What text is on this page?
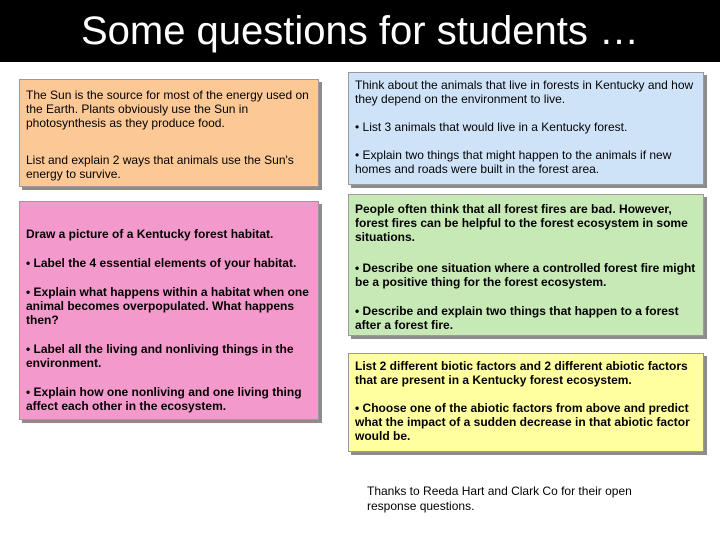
Some questions for students …

The Sun is the source for most of the energy used on the Earth. Plants obviously use the Sun in photosynthesis as they produce food.

List and explain 2 ways that animals use the Sun's energy to survive.

Think about the animals that live in forests in Kentucky and how they depend on the environment to live.

• List 3 animals that would live in a Kentucky forest.

• Explain two things that might happen to the animals if new homes and roads were built in the forest area.

Draw a picture of a Kentucky forest habitat.

• Label the 4 essential elements of your habitat.

• Explain what happens within a habitat when one animal becomes overpopulated. What happens then?

• Label all the living and nonliving things in the environment.

• Explain how one nonliving and one living thing affect each other in the ecosystem.

People often think that all forest fires are bad. However, forest fires can be helpful to the forest ecosystem in some situations.

• Describe one situation where a controlled forest fire might be a positive thing for the forest ecosystem.

• Describe and explain two things that happen to a forest after a forest fire.

List 2 different biotic factors and 2 different abiotic factors that are present in a Kentucky forest ecosystem.

• Choose one of the abiotic factors from above and predict what the impact of a sudden decrease in that abiotic factor would be.

Thanks to Reeda Hart and Clark Co for their open response questions.
